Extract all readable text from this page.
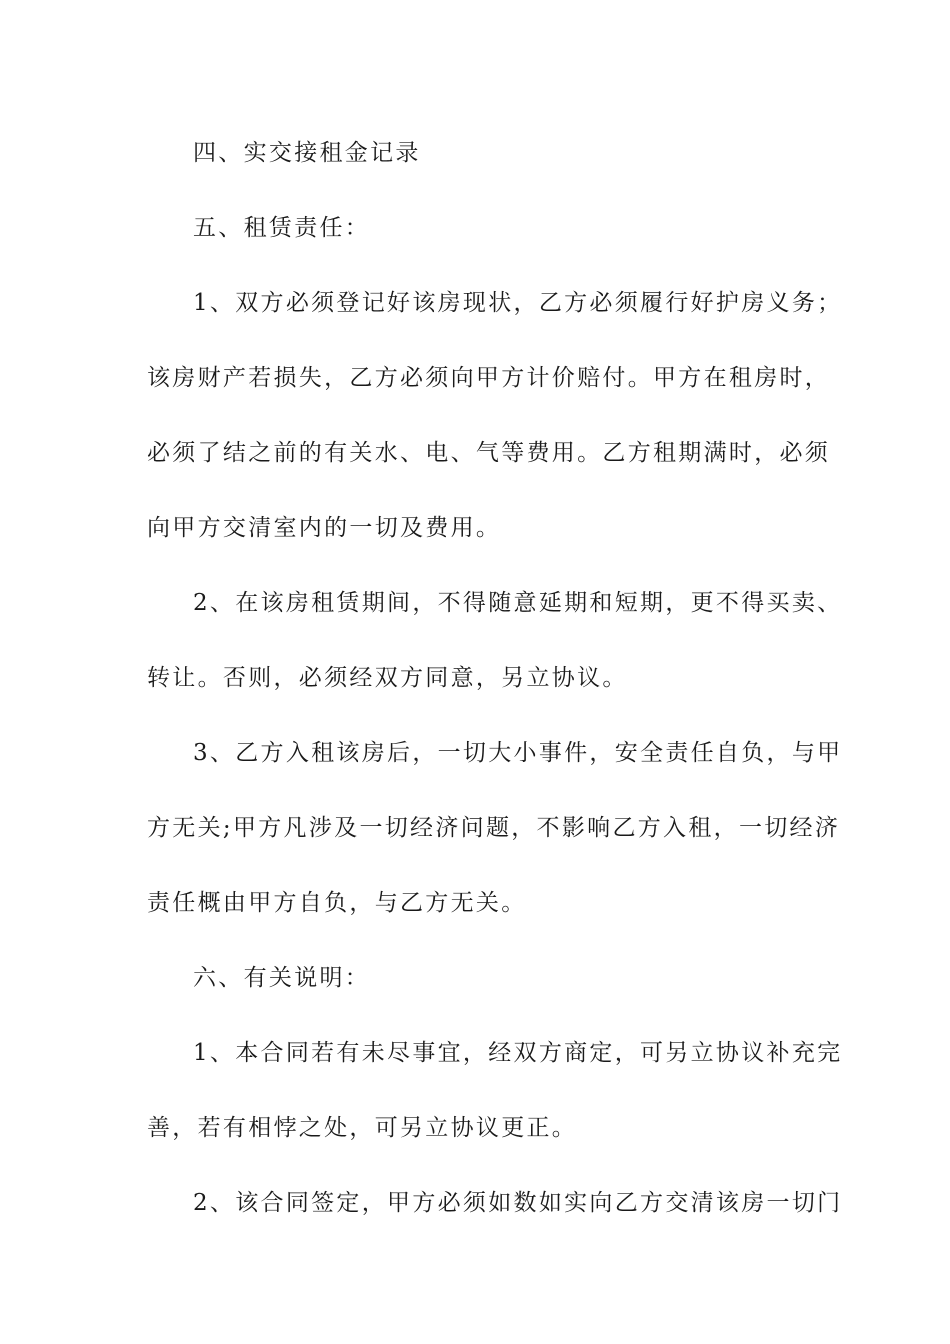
四、实交接租金记录
五、租赁责任：
1、双方必须登记好该房现状，乙方必须履行好护房义务；
该房财产若损失，乙方必须向甲方计价赔付。甲方在租房时，
必须了结之前的有关水、电、气等费用。乙方租期满时，必须
向甲方交清室内的一切及费用。
2、在该房租赁期间，不得随意延期和短期，更不得买卖、
转让。否则，必须经双方同意，另立协议。
3、乙方入租该房后，一切大小事件，安全责任自负，与甲
方无关;甲方凡涉及一切经济问题，不影响乙方入租，一切经济
责任概由甲方自负，与乙方无关。
六、有关说明：
1、本合同若有未尽事宜，经双方商定，可另立协议补充完
善，若有相悖之处，可另立协议更正。
2、该合同签定，甲方必须如数如实向乙方交清该房一切门
